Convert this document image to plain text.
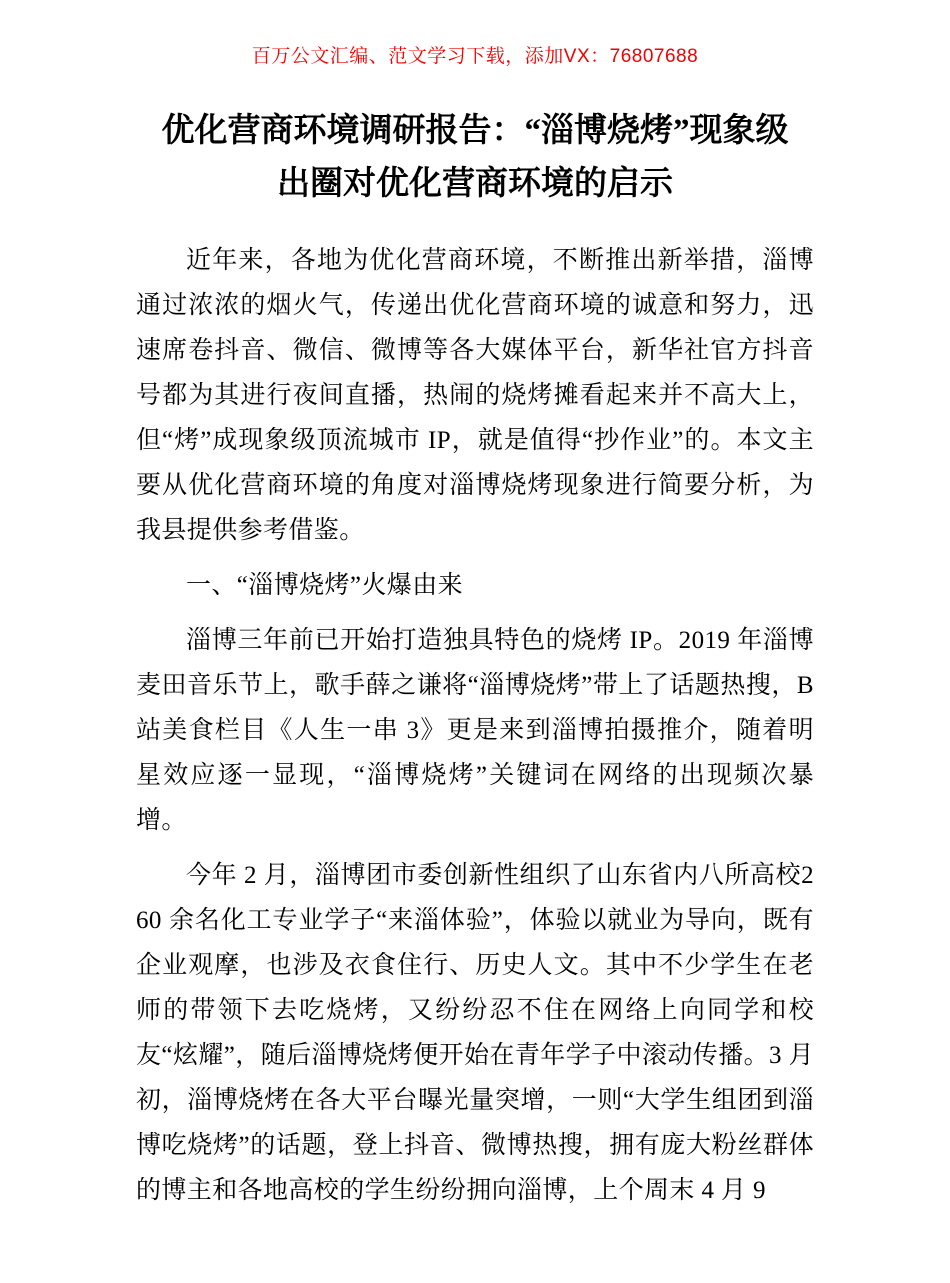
百万公文汇编、范文学习下载，添加VX：76807688
优化营商环境调研报告：“淄博烧烤”现象级
出圈对优化营商环境的启示

近年来，各地为优化营商环境，不断推出新举措，淄博通过浓浓的烟火气，传递出优化营商环境的诚意和努力，迅速席卷抖音、微信、微博等各大媒体平台，新华社官方抖音号都为其进行夜间直播，热闹的烧烤摊看起来并不高大上，但“烤”成现象级顶流城市 IP，就是值得“抄作业”的。本文主要从优化营商环境的角度对淄博烧烤现象进行简要分析，为我县提供参考借鉴。

一、“淄博烧烤”火爆由来

淄博三年前已开始打造独具特色的烧烤 IP。2019 年淄博麦田音乐节上，歌手薛之谦将“淄博烧烤”带上了话题热搜，B站美食栏目《人生一串 3》更是来到淄博拍摄推介，随着明星效应逐一显现，“淄博烧烤”关键词在网络的出现频次暴增。

今年 2 月，淄博团市委创新性组织了山东省内八所高校260 余名化工专业学子“来淄体验”，体验以就业为导向，既有企业观摩，也涉及衣食住行、历史人文。其中不少学生在老师的带领下去吃烧烤，又纷纷忍不住在网络上向同学和校友“炫耀”，随后淄博烧烤便开始在青年学子中滚动传播。3 月初，淄博烧烤在各大平台曝光量突增，一则“大学生组团到淄博吃烧烤”的话题，登上抖音、微博热搜，拥有庞大粉丝群体的博主和各地高校的学生纷纷拥向淄博，上个周末 4 月 9
